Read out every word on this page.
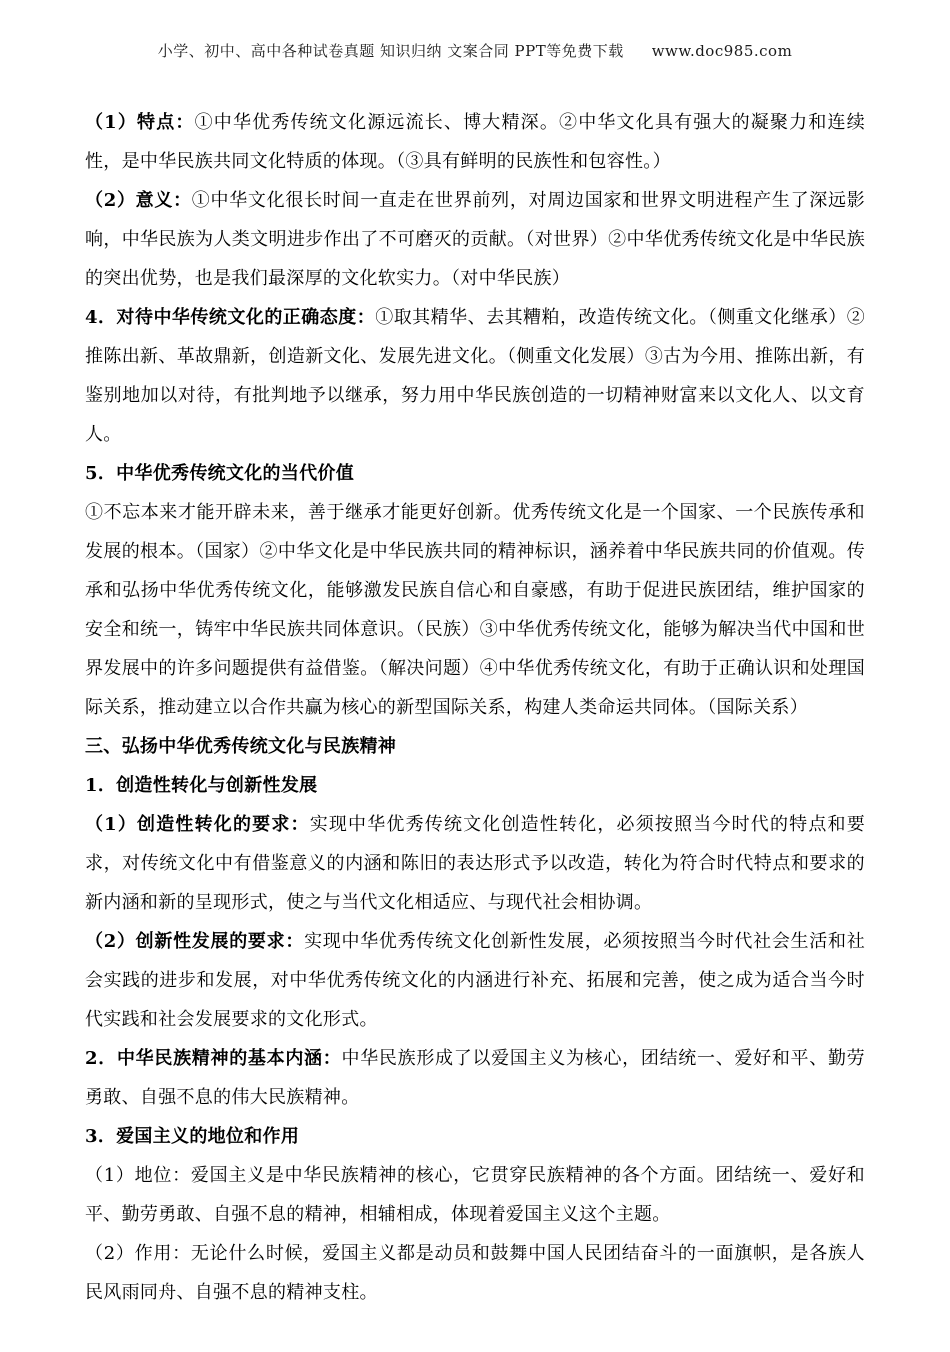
小学、初中、高中各种试卷真题 知识归纳 文案合同 PPT等免费下载 www.doc985.com

（1）特点：①中华优秀传统文化源远流长、博大精深。②中华文化具有强大的凝聚力和连续性，是中华民族共同文化特质的体现。（③具有鲜明的民族性和包容性。）

（2）意义：①中华文化很长时间一直走在世界前列，对周边国家和世界文明进程产生了深远影响，中华民族为人类文明进步作出了不可磨灭的贡献。（对世界）②中华优秀传统文化是中华民族的突出优势，也是我们最深厚的文化软实力。（对中华民族）

4．对待中华传统文化的正确态度：①取其精华、去其糟粕，改造传统文化。（侧重文化继承）②推陈出新、革故鼎新，创造新文化、发展先进文化。（侧重文化发展）③古为今用、推陈出新，有鉴别地加以对待，有批判地予以继承，努力用中华民族创造的一切精神财富来以文化人、以文育人。

5．中华优秀传统文化的当代价值

①不忘本来才能开辟未来，善于继承才能更好创新。优秀传统文化是一个国家、一个民族传承和发展的根本。（国家）②中华文化是中华民族共同的精神标识，涵养着中华民族共同的价值观。传承和弘扬中华优秀传统文化，能够激发民族自信心和自豪感，有助于促进民族团结，维护国家的安全和统一，铸牢中华民族共同体意识。（民族）③中华优秀传统文化，能够为解决当代中国和世界发展中的许多问题提供有益借鉴。（解决问题）④中华优秀传统文化，有助于正确认识和处理国际关系，推动建立以合作共赢为核心的新型国际关系，构建人类命运共同体。（国际关系）

三、弘扬中华优秀传统文化与民族精神

1．创造性转化与创新性发展

（1）创造性转化的要求：实现中华优秀传统文化创造性转化，必须按照当今时代的特点和要求，对传统文化中有借鉴意义的内涵和陈旧的表达形式予以改造，转化为符合时代特点和要求的新内涵和新的呈现形式，使之与当代文化相适应、与现代社会相协调。

（2）创新性发展的要求：实现中华优秀传统文化创新性发展，必须按照当今时代社会生活和社会实践的进步和发展，对中华优秀传统文化的内涵进行补充、拓展和完善，使之成为适合当今时代实践和社会发展要求的文化形式。

2．中华民族精神的基本内涵：中华民族形成了以爱国主义为核心，团结统一、爱好和平、勤劳勇敢、自强不息的伟大民族精神。

3．爱国主义的地位和作用

（1）地位：爱国主义是中华民族精神的核心，它贯穿民族精神的各个方面。团结统一、爱好和平、勤劳勇敢、自强不息的精神，相辅相成，体现着爱国主义这个主题。

（2）作用：无论什么时候，爱国主义都是动员和鼓舞中国人民团结奋斗的一面旗帜，是各族人民风雨同舟、自强不息的精神支柱。
